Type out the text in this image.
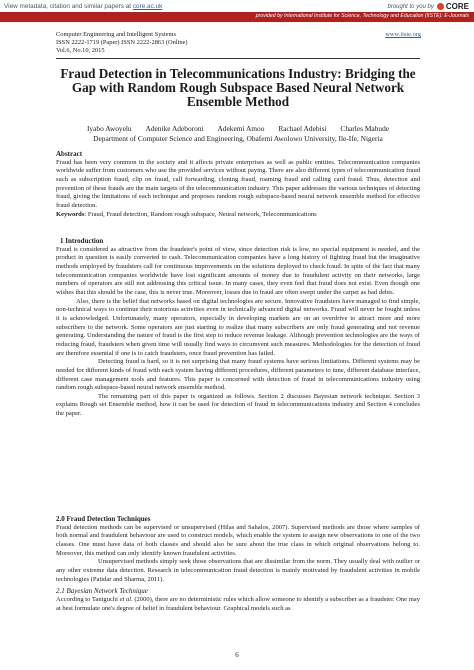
View metadata, citation and similar papers at core.ac.uk	brought to you by CORE
provided by International Institute for Science, Technology and Education (IISTE): E-Journals
Computer Engineering and Intelligent Systems
ISSN 2222-1719 (Paper) ISSN 2222-2863 (Online)
Vol.6, No.10, 2015
www.iiste.org
Fraud Detection in Telecommunications Industry: Bridging the Gap with Random Rough Subspace Based Neural Network Ensemble Method
Iyabo Awoyelu Adenike Adeboroni Adekemi Amoo Rachael Adebisi Charles Mabude
Department of Computer Science and Engineering, Obafemi Awolowo University, Ile-Ife, Nigeria
Abstract

Fraud has been very common in the society and it affects private enterprises as well as public entities. Telecommunication companies worldwide suffer from customers who use the provided services without paying. There are also different types of telecommunication fraud such as subscription fraud, clip on fraud, call forwarding, cloning fraud, roaming fraud and calling card fraud. Thus, detection and prevention of these frauds are the main targets of the telecommunication industry. This paper addresses the various techniques of detecting fraud, giving the limitations of each technique and proposes random rough subspace-based neural network ensemble method for effective fraud detection.

Keywords: Fraud, Fraud detection, Random rough subspace, Neural network, Telecommunications

1 Introduction

Fraud is considered as attractive from the fraudster's point of view, since detection risk is low, no special equipment is needed, and the product in question is easily converted to cash. Telecommunication companies have a long history of fighting fraud but the imaginative methods employed by fraudsters call for continuous improvements on the solutions deployed to check fraud. In spite of the fact that many telecommunication companies worldwide have lost significant amounts of money due to fraudulent activity on their networks, large numbers of operators are still not addressing this critical issue. In many cases, they even feel that fraud does not exist. Even though one wishes that this should be the case, this is never true. Moreover, losses due to fraud are often swept under the carpet as bad debts.

Also, there is the belief that networks based on digital technologies are secure. Innovative fraudsters have managed to find simple, non-technical ways to continue their notorious activities even in technically advanced digital networks. Fraud will never be fought unless it is acknowledged. Unfortunately, many operators, especially in developing markets are on an overdrive to attract more and more subscribers to the network. Some operators are just starting to realize that many subscribers are only fraud generating and not revenue generating. Understanding the nature of fraud is the first step to reduce revenue leakage. Although prevention technologies are the ways of reducing fraud, fraudsters when given time will usually find ways to circumvent such measures. Methodologies for the detection of fraud are therefore essential if one is to catch fraudsters, once fraud prevention has failed.

Detecting fraud is hard, so it is not surprising that many fraud systems have serious limitations. Different systems may be needed for different kinds of fraud with each system having different procedures, different parameters to tune, different database interface, different case management tools and features. This paper is concerned with detection of fraud in telecommunications industry using random rough subspace-based neural network ensemble method.

The remaining part of this paper is organized as follows. Section 2 discusses Bayesian network technique. Section 3 explains Rough set Ensemble method, how it can be used for detection of fraud in telecommunications industry and Section 4 concludes the paper.

2.0 Fraud Detection Techniques

Fraud detection methods can be supervised or unsupervised (Hilas and Sahalos, 2007). Supervised methods are those where samples of both normal and fraudulent behaviour are used to construct models, which enable the system to assign new observations to one of the two classes. One must have data of both classes and should also be sure about the true class in which original observations belong to. Moreover, this method can only identify known fraudulent activities.

Unsupervised methods simply seek those observations that are dissimilar from the norm. They usually deal with outlier or any other extreme data detection. Research in telecommunication fraud detection is mainly motivated by fraudulent activities in mobile technologies (Patidar and Sharma, 2011).

2.1 Bayesian Network Technique

According to Taniguchi et al. (2000), there are no deterministic rules which allow someone to identify a subscriber as a fraudster. One may at best formulate one's degree of belief in fraudulent behaviour. Graphical models such as

6
